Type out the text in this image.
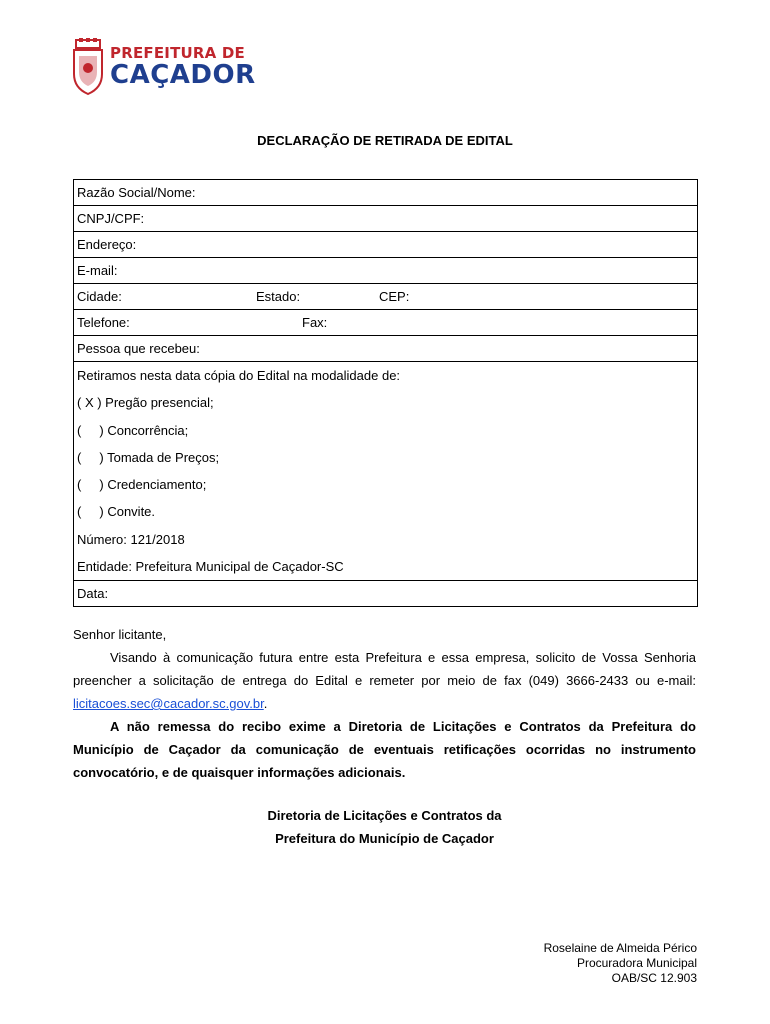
PREFEITURA DE
CAÇADOR
DECLARAÇÃO DE RETIRADA DE EDITAL
Razão Social/Nome:
CNPJ/CPF:
Endereço:
E-mail:
Cidade:	Estado:	CEP:
Telefone:	Fax:
Pessoa que recebeu:
Retiramos nesta data cópia do Edital na modalidade de:
( X ) Pregão presencial;
(     ) Concorrência;
(     ) Tomada de Preços;
(     ) Credenciamento;
(     ) Convite.
Número: 121/2018
Entidade: Prefeitura Municipal de Caçador-SC
Data:
Senhor licitante,
Visando à comunicação futura entre esta Prefeitura e essa empresa, solicito de Vossa Senhoria preencher a solicitação de entrega do Edital e remeter por meio de fax (049) 3666-2433 ou e-mail: licitacoes.sec@cacador.sc.gov.br.
A não remessa do recibo exime a Diretoria de Licitações e Contratos da Prefeitura do Município de Caçador da comunicação de eventuais retificações ocorridas no instrumento convocatório, e de quaisquer informações adicionais.
Diretoria de Licitações e Contratos da
Prefeitura do Município de Caçador
Roselaine de Almeida Périco
Procuradora Municipal
OAB/SC 12.903
